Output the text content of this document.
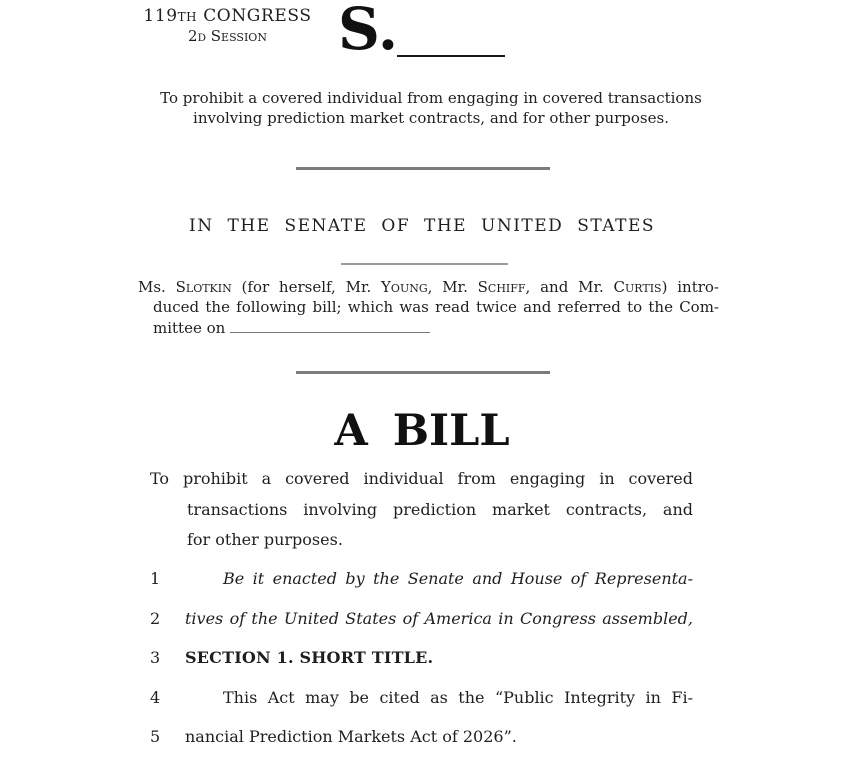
119TH CONGRESS
2D Session	S.
To prohibit a covered individual from engaging in covered transactions
involving prediction market contracts, and for other purposes.
IN THE SENATE OF THE UNITED STATES
Ms. Slotkin (for herself, Mr. Young, Mr. Schiff, and Mr. Curtis) intro-
duced the following bill; which was read twice and referred to the Com-
mittee on
A BILL
To prohibit a covered individual from engaging in covered
transactions involving prediction market contracts, and
for other purposes.
1	Be it enacted by the Senate and House of Representa-
2 tives of the United States of America in Congress assembled,
3 SECTION 1. SHORT TITLE.
4	This Act may be cited as the “Public Integrity in Fi-
5 nancial Prediction Markets Act of 2026”.
